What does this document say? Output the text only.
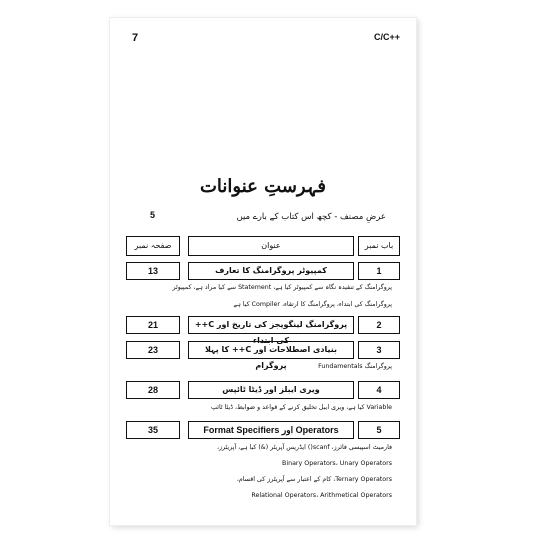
7	C/C++
فہرستِ عنوانات
عرضِ مصنف - کچھ اس کتاب کے بارے میں
5
باب نمبر
عنوان
صفحہ نمبر
1
کمپیوٹر پروگرامنگ کا تعارف
13
پروگرامنگ کے تنقیدہ نگاہ سے کمپیوٹر کیا ہے، Statement سے کیا مراد ہے، کمپیوٹر
پروگرامنگ کی ابتداء، پروگرامنگ کا ارتقاء، Compiler کیا ہے
2
پروگرامنگ لینگویجز کی تاریخ اور C++ کی ابتداء
21
3
بنیادی اصطلاحات اور C++ کا پہلا پروگرام
23
پروگرامنگ Fundamentals
4
ویری ایبلز اور ڈیٹا ٹائپس
28
Variable کیا ہے، ویری ایبل تخلیق کرنے کے قواعد و ضوابط، ڈیٹا ٹائپ
5
Operators اور Format Specifiers
35
فارمیٹ اسپیسی فائرز، scanf() ایڈریس آپریٹر (&) کیا ہے، آپریٹرز،
Binary Operators، Unary Operators
Ternary Operators، کام کے اعتبار سے آپریٹرز کی اقسام،
Relational Operators، Arithmetical Operators
